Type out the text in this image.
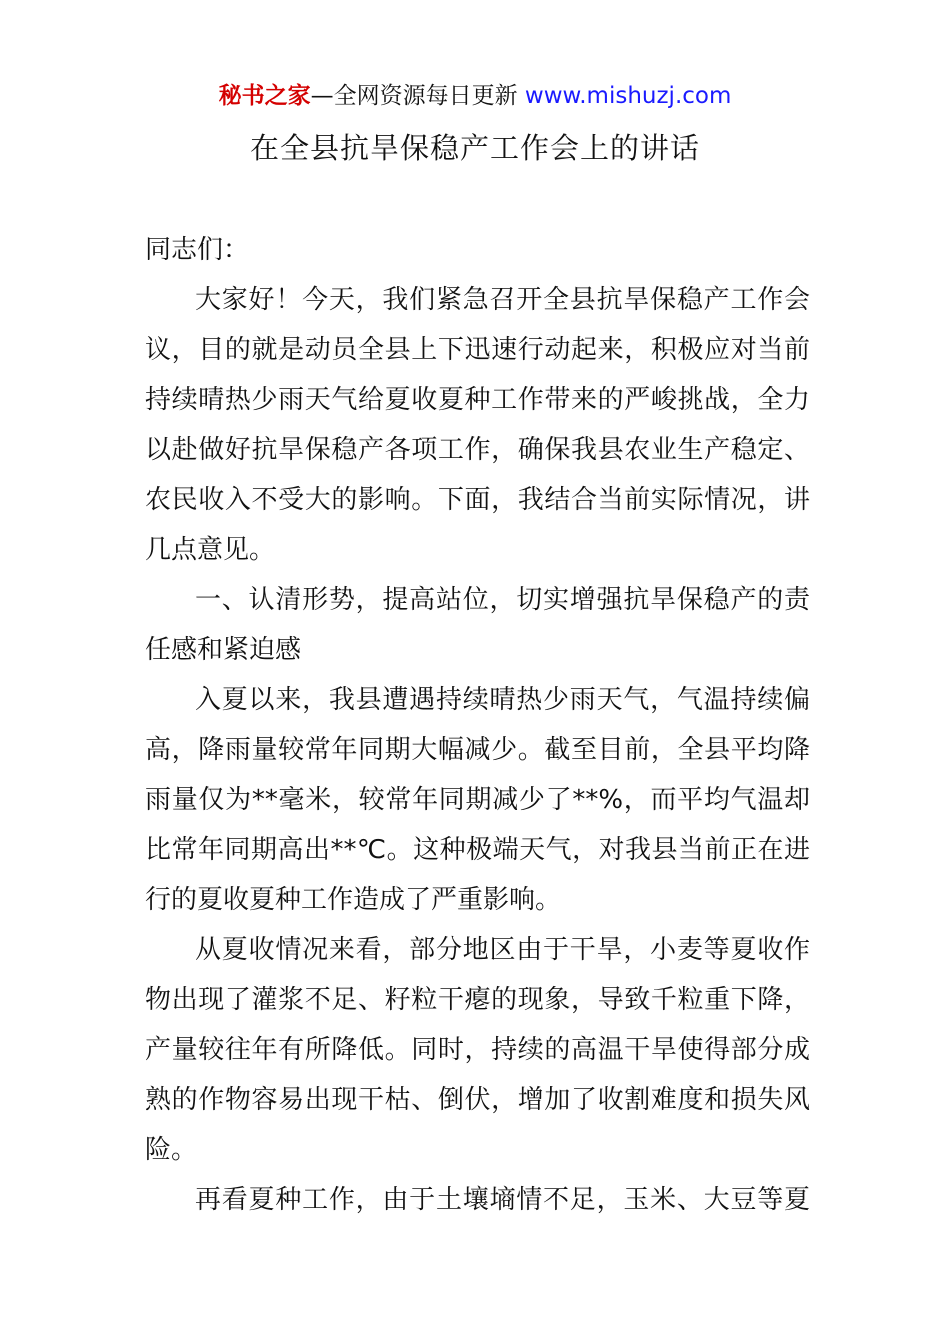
秘书之家—全网资源每日更新 www.mishuzj.com
在全县抗旱保稳产工作会上的讲话
同志们：
大家好！今天，我们紧急召开全县抗旱保稳产工作会
议，目的就是动员全县上下迅速行动起来，积极应对当前
持续晴热少雨天气给夏收夏种工作带来的严峻挑战，全力
以赴做好抗旱保稳产各项工作，确保我县农业生产稳定、
农民收入不受大的影响。下面，我结合当前实际情况，讲
几点意见。
一、认清形势，提高站位，切实增强抗旱保稳产的责
任感和紧迫感
入夏以来，我县遭遇持续晴热少雨天气，气温持续偏
高，降雨量较常年同期大幅减少。截至目前，全县平均降
雨量仅为**毫米，较常年同期减少了**%，而平均气温却
比常年同期高出**℃。这种极端天气，对我县当前正在进
行的夏收夏种工作造成了严重影响。
从夏收情况来看，部分地区由于干旱，小麦等夏收作
物出现了灌浆不足、籽粒干瘪的现象，导致千粒重下降，
产量较往年有所降低。同时，持续的高温干旱使得部分成
熟的作物容易出现干枯、倒伏，增加了收割难度和损失风
险。
再看夏种工作，由于土壤墒情不足，玉米、大豆等夏
